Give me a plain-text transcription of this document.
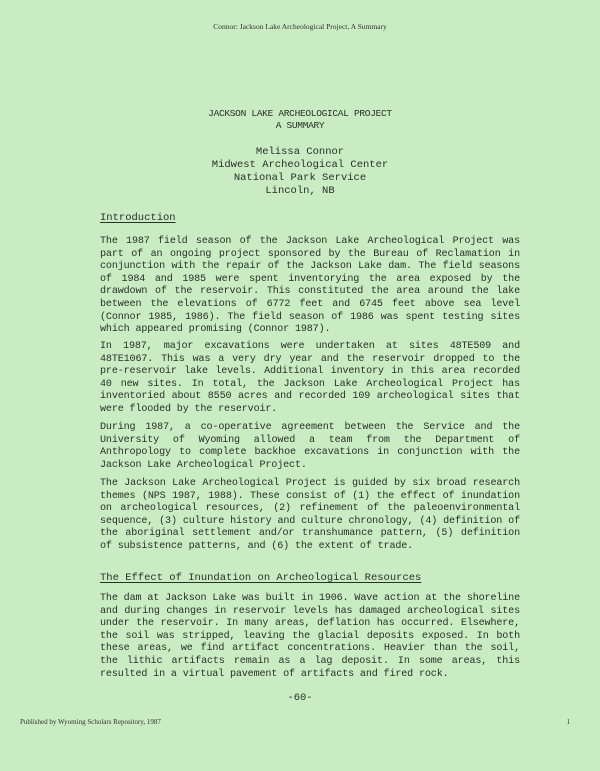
Connor: Jackson Lake Archeological Project, A Summary
JACKSON LAKE ARCHEOLOGICAL PROJECT
A SUMMARY
Melissa Connor
Midwest Archeological Center
National Park Service
Lincoln, NB
Introduction
The 1987 field season of the Jackson Lake Archeological Project was part of an ongoing project sponsored by the Bureau of Reclamation in conjunction with the repair of the Jackson Lake dam. The field seasons of 1984 and 1985 were spent inventorying the area exposed by the drawdown of the reservoir. This constituted the area around the lake between the elevations of 6772 feet and 6745 feet above sea level (Connor 1985, 1986). The field season of 1986 was spent testing sites which appeared promising (Connor 1987).
In 1987, major excavations were undertaken at sites 48TE509 and 48TE1067. This was a very dry year and the reservoir dropped to the pre-reservoir lake levels. Additional inventory in this area recorded 40 new sites. In total, the Jackson Lake Archeological Project has inventoried about 8550 acres and recorded 109 archeological sites that were flooded by the reservoir.
During 1987, a co-operative agreement between the Service and the University of Wyoming allowed a team from the Department of Anthropology to complete backhoe excavations in conjunction with the Jackson Lake Archeological Project.
The Jackson Lake Archeological Project is guided by six broad research themes (NPS 1987, 1988). These consist of (1) the effect of inundation on archeological resources, (2) refinement of the paleoenvironmental sequence, (3) culture history and culture chronology, (4) definition of the aboriginal settlement and/or transhumance pattern, (5) definition of subsistence patterns, and (6) the extent of trade.
The Effect of Inundation on Archeological Resources
The dam at Jackson Lake was built in 1906. Wave action at the shoreline and during changes in reservoir levels has damaged archeological sites under the reservoir. In many areas, deflation has occurred. Elsewhere, the soil was stripped, leaving the glacial deposits exposed. In both these areas, we find artifact concentrations. Heavier than the soil, the lithic artifacts remain as a lag deposit. In some areas, this resulted in a virtual pavement of artifacts and fired rock.
-60-
Published by Wyoming Scholars Repository, 1987	1
